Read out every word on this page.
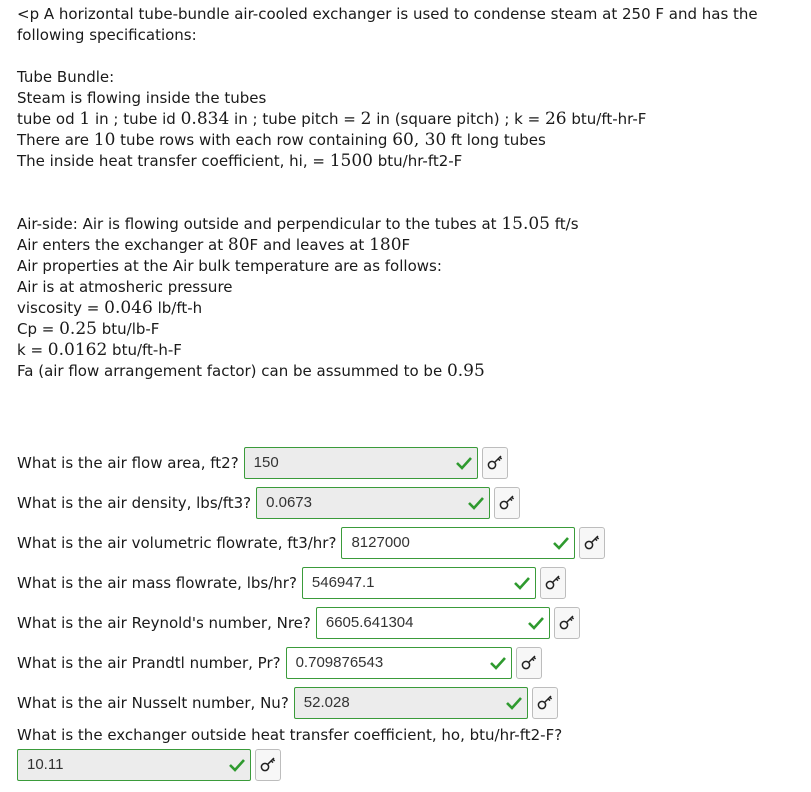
<p A horizontal tube-bundle air-cooled exchanger is used to condense steam at 250 F and has the
following specifications:
Tube Bundle:
Steam is flowing inside the tubes
tube od 1 in ; tube id 0.834 in ; tube pitch = 2 in (square pitch) ; k = 26 btu/ft-hr-F
There are 10 tube rows with each row containing 60, 30 ft long tubes
The inside heat transfer coefficient, hi, = 1500 btu/hr-ft2-F
Air-side: Air is flowing outside and perpendicular to the tubes at 15.05 ft/s
Air enters the exchanger at 80F and leaves at 180F
Air properties at the Air bulk temperature are as follows:
Air is at atmosheric pressure
viscosity = 0.046 lb/ft-h
Cp = 0.25 btu/lb-F
k = 0.0162 btu/ft-h-F
Fa (air flow arrangement factor) can be assummed to be 0.95
What is the air flow area, ft2?	150
What is the air density, lbs/ft3?	0.0673
What is the air volumetric flowrate, ft3/hr?	8127000
What is the air mass flowrate, lbs/hr?	546947.1
What is the air Reynold's number, Nre?	6605.641304
What is the air Prandtl number, Pr?	0.709876543
What is the air Nusselt number, Nu?	52.028
What is the exchanger outside heat transfer coefficient, ho, btu/hr-ft2-F?
10.11
